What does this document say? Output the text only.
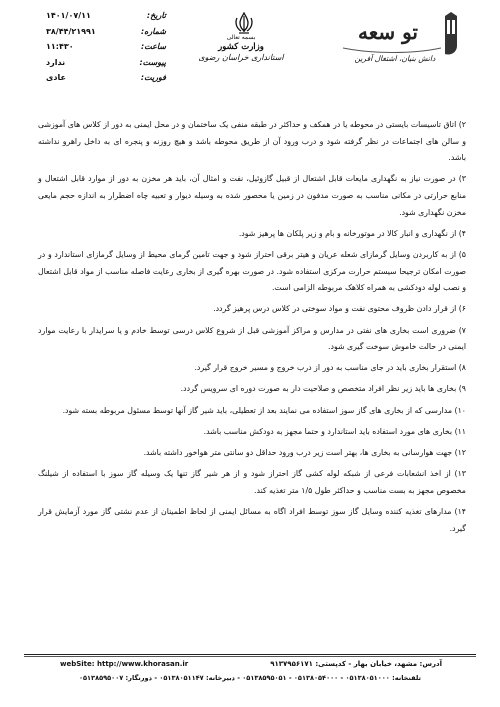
تاریخ:
۱۴۰۱/۰۷/۱۱
شماره:
۳۸/۴۴/۲۱۹۹۱
ساعت:
۱۱:۴۳۰
پیوست:
ندارد
فوریت:
عادی
بسمه تعالی
وزارت کشور
استانداری خراسان رضوی
تو سعه
دانش بنیان، اشتغال آفرین

۲) اتاق تاسیسات بایستی در محوطه یا در همکف و حداکثر در طبقه منفی یک ساختمان و در محل ایمنی به دور از کلاس های آموزشی و سالن های اجتماعات در نظر گرفته شود و درب ورود آن از طریق محوطه باشد و هیچ روزنه و پنجره ای به داخل راهرو نداشته باشد.

۳) در صورت نیاز به نگهداری مایعات قابل اشتعال از قبیل گازوئیل، نفت و امثال آن، باید هر مخزن به دور از موارد قابل اشتعال و منابع حرارتی در مکانی مناسب به صورت مدفون در زمین یا محصور شده به وسیله دیوار و تعبیه چاه اضطرار به اندازه حجم مایعی مخزن نگهداری شود.

۴) از نگهداری و انبار کالا در موتورخانه و بام و زیر پلکان ها پرهیز شود.

۵) از به کاربردن وسایل گرمازای شعله عریان و هیتر برقی احتراز شود و جهت تامین گرمای محیط از وسایل گرمازای استاندارد و در صورت امکان ترجیحا سیستم حرارت مرکزی استفاده شود. در صورت بهره گیری از بخاری رعایت فاصله مناسب از مواد قابل اشتعال و نصب لوله دودکشی به همراه کلاهک مربوطه الزامی است.

۶) از قرار دادن ظروف محتوی نفت و مواد سوختی در کلاس درس پرهیز گردد.

۷) ضروری است بخاری های نفتی در مدارس و مراکز آموزشی قبل از شروع کلاس درسی توسط خادم و یا سرایدار با رعایت موارد ایمنی در حالت خاموش سوخت گیری شود.

۸) استقرار بخاری باید در جای مناسب به دور از درب خروج و مسیر خروج قرار گیرد.

۹) بخاری ها باید زیر نظر افراد متخصص و صلاحیت دار به صورت دوره ای سرویس گردد.

۱۰) مدارسی که از بخاری های گاز سوز استفاده می نمایند بعد از تعطیلی، باید شیر گاز آنها توسط مسئول مربوطه بسته شود.

۱۱) بخاری های مورد استفاده باید استاندارد و حتما مجهز به دودکش مناسب باشد.

۱۲) جهت هوارسانی به بخاری ها، بهتر است زیر درب ورود حداقل دو سانتی متر هواخور داشته باشد.

۱۳) از اخذ انشعابات فرعی از شبکه لوله کشی گاز احتراز شود و از هر شیر گاز تنها یک وسیله گاز سوز با استفاده از شیلنگ مخصوص مجهز به بست مناسب و حداکثر طول ۱/۵ متر تغذیه کند.

۱۴) مدارهای تغذیه کننده وسایل گاز سوز توسط افراد اگاه به مسائل ایمنی از لحاظ اطمینان از عدم نشتی گاز مورد آزمایش قرار گیرد.

webSite: http://www.khorasan.ir	آدرس: مشهد، خیابان بهار - کدپستی: ۹۱۳۷۹۵۶۱۷۱
تلفنخانه: ۰۵۱۳۸۰۵۱۰۰۰ - ۰۵۱۳۸۰۵۴۰۰۰ - ۰۵۱۳۸۵۹۵۰۵۱ - دبیرخانه: ۰۵۱۳۸۰۵۱۱۴۷ - دورنگار: ۰۵۱۳۸۵۹۵۰۰۷
